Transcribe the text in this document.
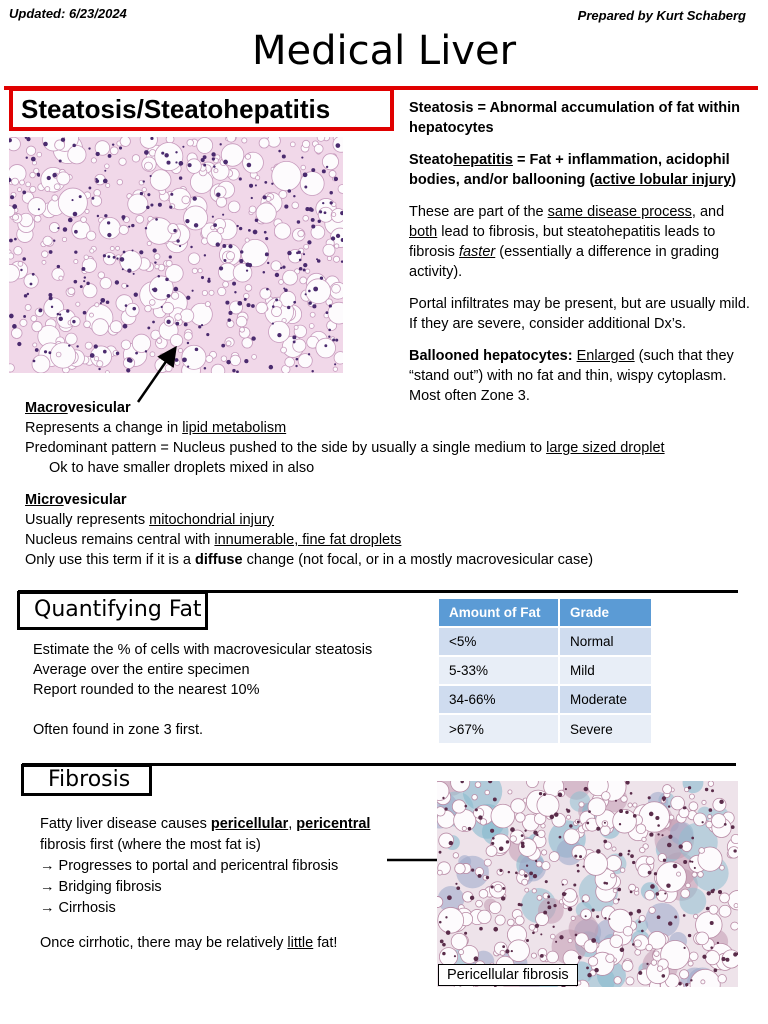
Updated: 6/23/2024	Prepared by Kurt Schaberg
Medical Liver
Steatosis/Steatohepatitis	Steatosis = Abnormal accumulation of fat within hepatocytes

Steatohepatitis = Fat + inflammation, acidophil bodies, and/or ballooning (active lobular injury)

These are part of the same disease process, and both lead to fibrosis, but steatohepatitis leads to fibrosis faster (essentially a difference in grading activity).

Portal infiltrates may be present, but are usually mild. If they are severe, consider additional Dx’s.

Ballooned hepatocytes: Enlarged (such that they “stand out”) with no fat and thin, wispy cytoplasm. Most often Zone 3.

Macrovesicular
Represents a change in lipid metabolism
Predominant pattern = Nucleus pushed to the side by usually a single medium to large sized droplet
Ok to have smaller droplets mixed in also
Microvesicular
Usually represents mitochondrial injury
Nucleus remains central with innumerable, fine fat droplets
Only use this term if it is a diffuse change (not focal, or in a mostly macrovesicular case)
Quantifying Fat
Estimate the % of cells with macrovesicular steatosis
Average over the entire specimen
Report rounded to the nearest 10%
Often found in zone 3 first.
Amount of Fat	Grade
<5%	Normal
5-33%	Mild
34-66%	Moderate
>67%	Severe
Fibrosis
Fatty liver disease causes pericellular, pericentral
fibrosis first (where the most fat is)
→ Progresses to portal and pericentral fibrosis
→ Bridging fibrosis
→ Cirrhosis
Once cirrhotic, there may be relatively little fat!
Pericellular fibrosis
